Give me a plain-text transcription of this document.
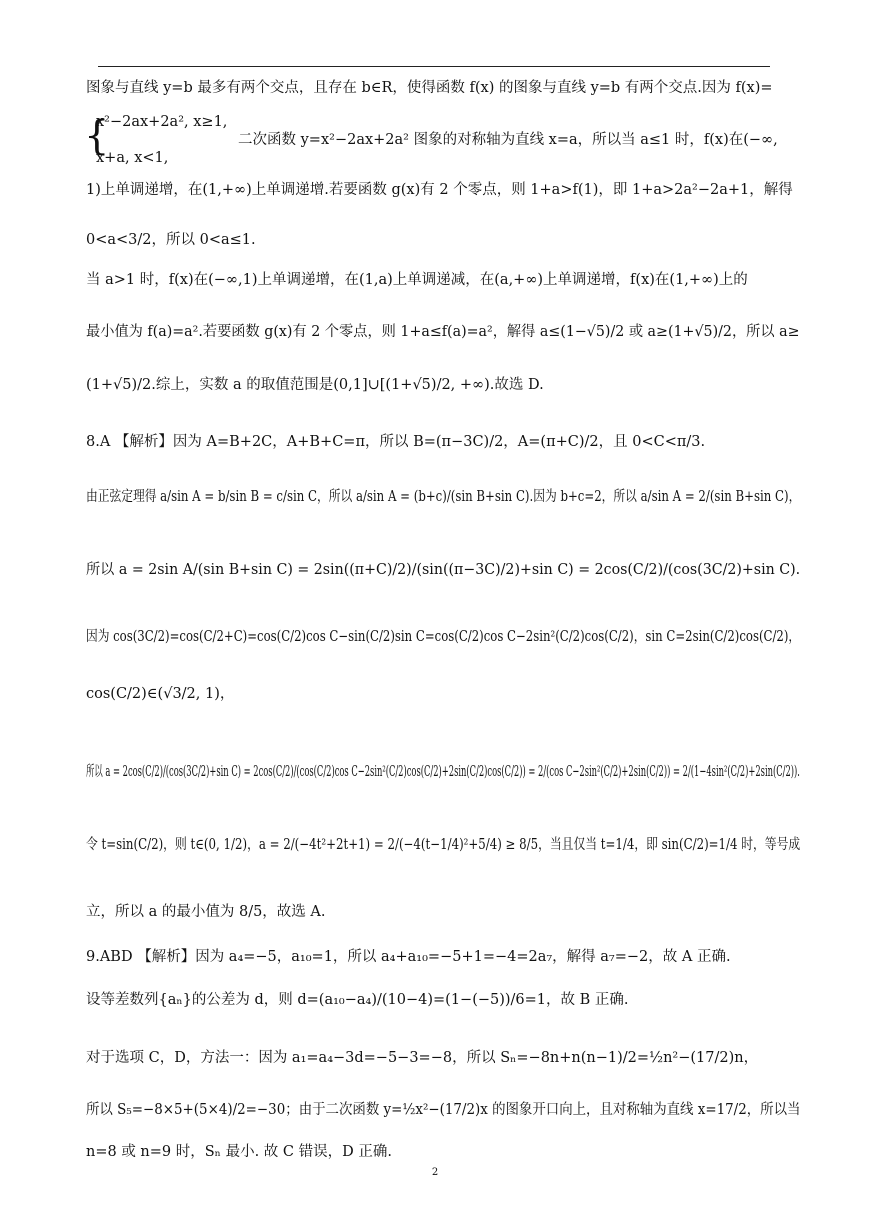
图象与直线 y=b 最多有两个交点，且存在 b∈R，使得函数 f(x) 的图象与直线 y=b 有两个交点.因为 f(x)=
{
x²−2ax+2a², x≥1,
x+a, x<1,
二次函数 y=x²−2ax+2a² 图象的对称轴为直线 x=a，所以当 a≤1 时，f(x)在(−∞,
1)上单调递增，在(1,+∞)上单调递增.若要函数 g(x)有 2 个零点，则 1+a>f(1)，即 1+a>2a²−2a+1，解得
0<a<3/2，所以 0<a≤1.
当 a>1 时，f(x)在(−∞,1)上单调递增，在(1,a)上单调递减，在(a,+∞)上单调递增，f(x)在(1,+∞)上的
最小值为 f(a)=a².若要函数 g(x)有 2 个零点，则 1+a≤f(a)=a²，解得 a≤(1−√5)/2 或 a≥(1+√5)/2，所以 a≥
(1+√5)/2.综上，实数 a 的取值范围是(0,1]∪[(1+√5)/2, +∞).故选 D.
8.A 【解析】因为 A=B+2C，A+B+C=π，所以 B=(π−3C)/2，A=(π+C)/2，且 0<C<π/3.
由正弦定理得 a/sin A = b/sin B = c/sin C，所以 a/sin A = (b+c)/(sin B+sin C).因为 b+c=2，所以 a/sin A = 2/(sin B+sin C)，
所以 a = 2sin A/(sin B+sin C) = 2sin((π+C)/2)/(sin((π−3C)/2)+sin C) = 2cos(C/2)/(cos(3C/2)+sin C).
因为 cos(3C/2)=cos(C/2+C)=cos(C/2)cos C−sin(C/2)sin C=cos(C/2)cos C−2sin²(C/2)cos(C/2)，sin C=2sin(C/2)cos(C/2)，
cos(C/2)∈(√3/2, 1)，
所以 a = 2cos(C/2)/(cos(3C/2)+sin C) = 2cos(C/2)/(cos(C/2)cos C−2sin²(C/2)cos(C/2)+2sin(C/2)cos(C/2)) = 2/(cos C−2sin²(C/2)+2sin(C/2)) = 2/(1−4sin²(C/2)+2sin(C/2)).
令 t=sin(C/2)，则 t∈(0, 1/2)，a = 2/(−4t²+2t+1) = 2/(−4(t−1/4)²+5/4) ≥ 8/5，当且仅当 t=1/4，即 sin(C/2)=1/4 时，等号成
立，所以 a 的最小值为 8/5，故选 A.
9.ABD 【解析】因为 a₄=−5，a₁₀=1，所以 a₄+a₁₀=−5+1=−4=2a₇，解得 a₇=−2，故 A 正确.
设等差数列{aₙ}的公差为 d，则 d=(a₁₀−a₄)/(10−4)=(1−(−5))/6=1，故 B 正确.
对于选项 C，D，方法一：因为 a₁=a₄−3d=−5−3=−8，所以 Sₙ=−8n+n(n−1)/2=½n²−(17/2)n，
所以 S₅=−8×5+(5×4)/2=−30；由于二次函数 y=½x²−(17/2)x 的图象开口向上，且对称轴为直线 x=17/2，所以当
n=8 或 n=9 时，Sₙ 最小. 故 C 错误，D 正确.
2
